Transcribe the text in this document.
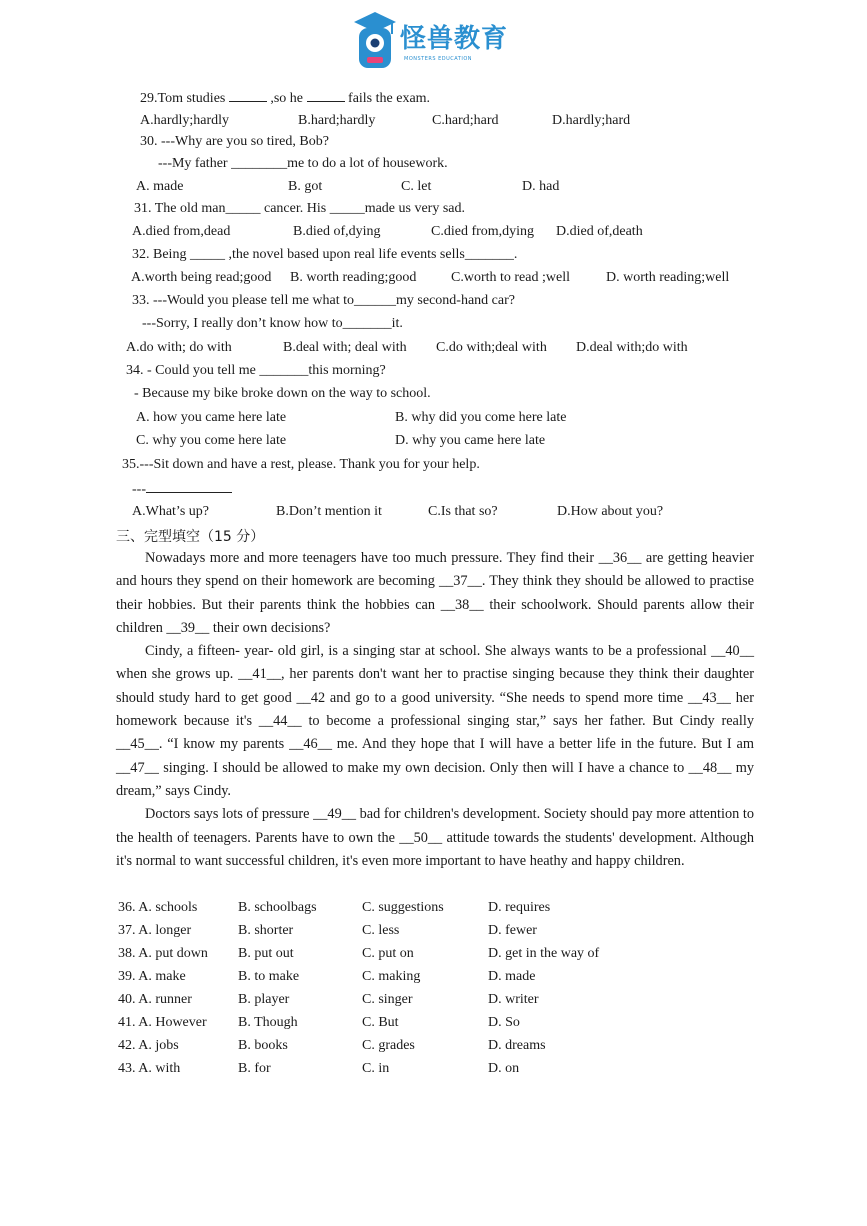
怪兽教育
MONSTERS EDUCATION
29.Tom studies	,so he	fails the exam.
A.hardly;hardly	B.hard;hardly	C.hard;hard	D.hardly;hard
30. ---Why are you so tired, Bob?
---My father ________me to do a lot of housework.
A. made	B. got	C. let	D. had
31. The old man_____ cancer. His _____made us very sad.
A.died from,dead	B.died of,dying	C.died from,dying D.died of,death
32. Being _____ ,the novel based upon real life events sells_______.
A.worth being read;good B. worth reading;good C.worth to read ;well	D. worth reading;well
33. ---Would you please tell me what to______my second-hand car?
---Sorry, I really don’t know how to_______it.
A.do with; do with	B.deal with; deal with C.do with;deal with D.deal with;do with
34. - Could you tell me _______this morning?
- Because my bike broke down on the way to school.
A. how you came here late	B. why did you come here late
C. why you come here late	D. why you came here late
35.---Sit down and have a rest, please. Thank you for your help.
---
A.What’s up?	B.Don’t mention it	C.Is that so?	D.How about you?
三、完型填空（15 分）

Nowadays more and more teenagers have too much pressure. They find their __36__ are getting heavier and hours they spend on their homework are becoming __37__. They think they should be allowed to practise their hobbies. But their parents think the hobbies can __38__ their schoolwork. Should parents allow their children __39__ their own decisions?

Cindy, a fifteen- year- old girl, is a singing star at school. She always wants to be a professional __40__ when she grows up. __41__, her parents don't want her to practise singing because they think their daughter should study hard to get good __42 and go to a good university. “She needs to spend more time __43__ her homework because it's __44__ to become a professional singing star,” says her father. But Cindy really __45__. “I know my parents __46__ me. And they hope that I will have a better life in the future. But I am __47__ singing. I should be allowed to make my own decision. Only then will I have a chance to __48__ my dream,” says Cindy.

Doctors says lots of pressure __49__ bad for children's development. Society should pay more attention to the health of teenagers. Parents have to own the __50__ attitude towards the students' development. Although it's normal to want successful children, it's even more important to have heathy and happy children.

36. A. schools	B. schoolbags	C. suggestions	D. requires
37. A. longer	B. shorter	C. less	D. fewer
38. A. put down B. put out	C. put on	D. get in the way of
39. A. make	B. to make	C. making	D. made
40. A. runner	B. player	C. singer	D. writer
41. A. However B. Though	C. But	D. So
42. A. jobs	B. books	C. grades	D. dreams
43. A. with	B. for	C. in	D. on
